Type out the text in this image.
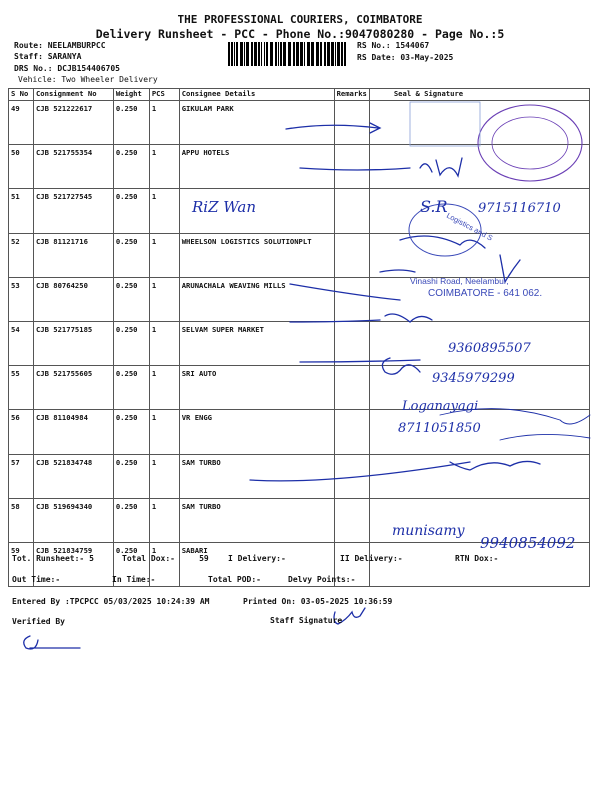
THE PROFESSIONAL COURIERS, COIMBATORE
Delivery Runsheet - PCC - Phone No.:9047080280 - Page No.:5
Route: NEELAMBURPCC
Staff: SARANYA
DRS No.: DCJB154406705
Vehicle: Two Wheeler Delivery
RS No.: 1544067
RS Date: 03-May-2025
S No	Consignment No	Weight	PCS	Consignee Details	Remarks	Seal & Signature
49	CJB 521222617	0.250	1	GIKULAM PARK		
50	CJB 521755354	0.250	1	APPU HOTELS		
51	CJB 521727545	0.250	1			
52	CJB 81121716	0.250	1	WHEELSON LOGISTICS SOLUTIONPLT		
53	CJB 80764250	0.250	1	ARUNACHALA WEAVING MILLS		
54	CJB 521775185	0.250	1	SELVAM SUPER MARKET		
55	CJB 521755605	0.250	1	SRI AUTO		
56	CJB 81104984	0.250	1	VR ENGG		
57	CJB 521834748	0.250	1	SAM TURBO		
58	CJB 519694340	0.250	1	SAM TURBO		
59	CJB 521834759	0.250	1	SABARI		
RiZ Wan	S.R 9715116710
9360895507
9345979299
Loganayagi
8711051850
munisamy
9940854092
Logistics and S
Vinashi Road, Neelambur,
COIMBATORE - 641 062.
Tot. Runsheet:- 5	Total Dox:-     59 I Delivery:-	II Delivery:-	RTN Dox:-
Out Time:-	In Time:-	Total POD:-	Delvy Points:-
Entered By :TPCPCC 05/03/2025 10:24:39 AM	Printed On: 03-05-2025 10:36:59
Verified By	Staff Signature
